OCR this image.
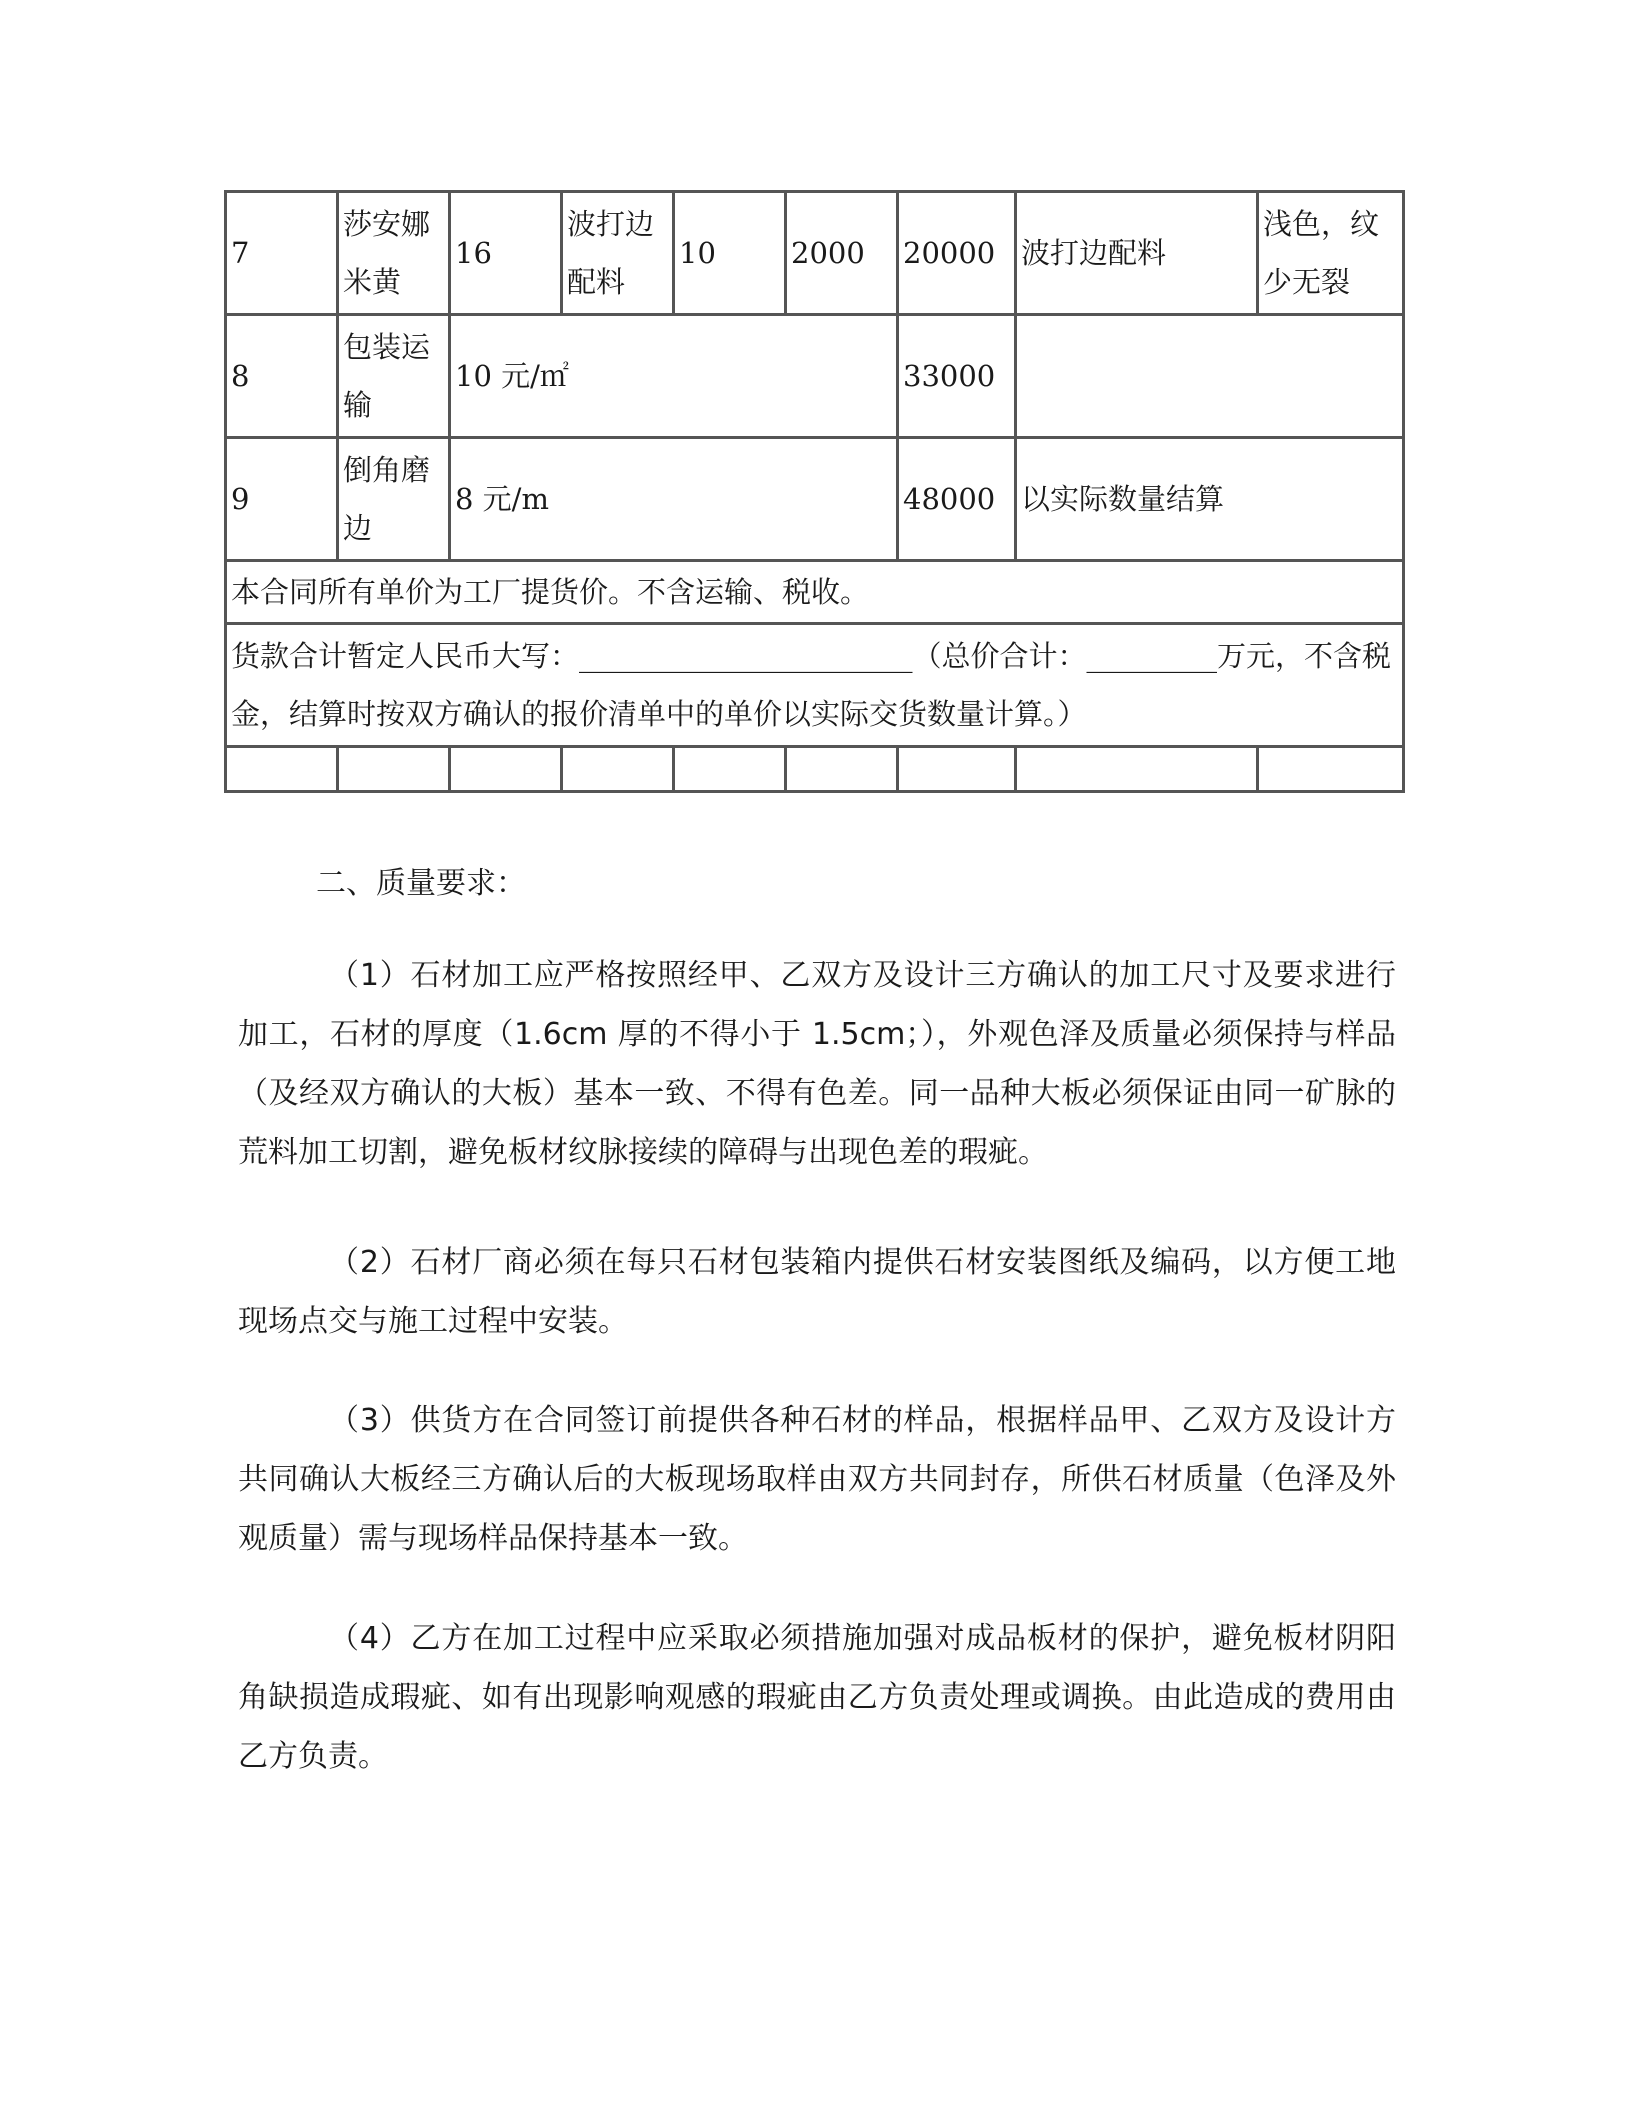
7	莎安娜米黄	16	波打边配料	10	2000	20000	波打边配料	浅色，纹少无裂
8	包装运输	10 元/㎡				33000		
9	倒角磨边	8 元/m				48000	以实际数量结算	
本合同所有单价为工厂提货价。不含运输、税收。								
货款合计暂定人民币大写：_______________________（总价合计：_________万元，不含税金，结算时按双方确认的报价清单中的单价以实际交货数量计算。）								

二、质量要求：

（1）石材加工应严格按照经甲、乙双方及设计三方确认的加工尺寸及要求进行加工，石材的厚度（1.6cm 厚的不得小于 1.5cm；），外观色泽及质量必须保持与样品（及经双方确认的大板）基本一致、不得有色差。同一品种大板必须保证由同一矿脉的荒料加工切割，避免板材纹脉接续的障碍与出现色差的瑕疵。

（2）石材厂商必须在每只石材包装箱内提供石材安装图纸及编码，以方便工地现场点交与施工过程中安装。

（3）供货方在合同签订前提供各种石材的样品，根据样品甲、乙双方及设计方共同确认大板经三方确认后的大板现场取样由双方共同封存，所供石材质量（色泽及外观质量）需与现场样品保持基本一致。

（4）乙方在加工过程中应采取必须措施加强对成品板材的保护，避免板材阴阳角缺损造成瑕疵、如有出现影响观感的瑕疵由乙方负责处理或调换。由此造成的费用由乙方负责。
